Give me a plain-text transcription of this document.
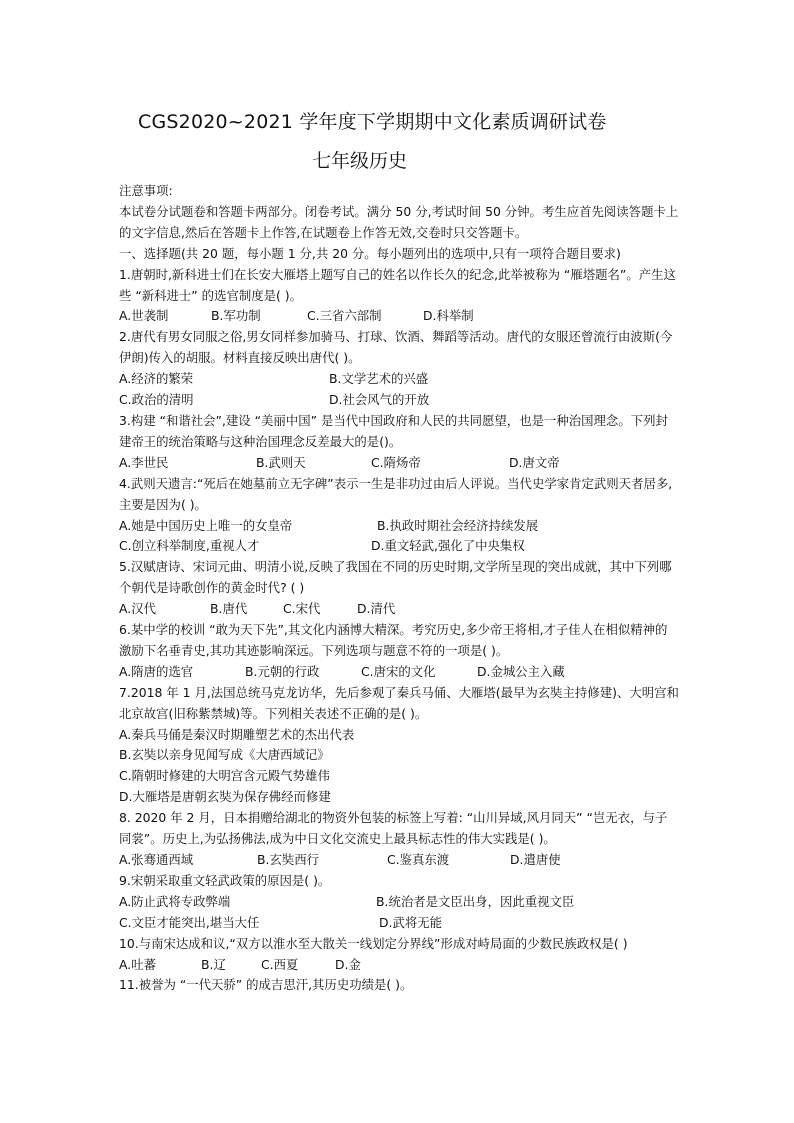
CGS2020~2021 学年度下学期期中文化素质调研试卷
七年级历史
注意事项:
本试卷分试题卷和答题卡两部分。闭卷考试。满分 50 分,考试时间 50 分钟。考生应首先阅读答题卡上的文字信息,然后在答题卡上作答,在试题卷上作答无效,交卷时只交答题卡。
一、选择题(共 20 题，每小题 1 分,共 20 分。每小题列出的选项中,只有一项符合题目要求)
1.唐朝时,新科进士们在长安大雁塔上题写自己的姓名以作长久的纪念,此举被称为 “雁塔题名”。产生这些 “新科进士” 的选官制度是( )。
A.世袭制	B.军功制	C.三省六部制	D.科举制
2.唐代有男女同服之俗,男女同样参加骑马、打球、饮酒、舞蹈等活动。唐代的女服还曾流行由波斯(今伊朗)传入的胡服。材料直接反映出唐代( )。
A.经济的繁荣	B.文学艺术的兴盛
C.政治的清明	D.社会风气的开放
3.构建 “和谐社会”,建设 “美丽中国” 是当代中国政府和人民的共同愿望，也是一种治国理念。下列封建帝王的统治策略与这种治国理念反差最大的是()。
A.李世民	B.武则天	C.隋炀帝	D.唐文帝
4.武则天遗言:“死后在她墓前立无字碑”表示一生是非功过由后人评说。当代史学家肯定武则天者居多,主要是因为( )。
A.她是中国历史上唯一的女皇帝	B.执政时期社会经济持续发展
C.创立科举制度,重视人才	D.重文轻武,强化了中央集权
5.汉赋唐诗、宋词元曲、明清小说,反映了我国在不同的历史时期,文学所呈现的突出成就，其中下列哪个朝代是诗歌创作的黄金时代? ( )
A.汉代	B.唐代	C.宋代	D.清代
6.某中学的校训 “敢为天下先”,其文化内涵博大精深。考究历史,多少帝王将相,才子佳人在相似精神的激励下名垂青史,其功其迹影响深远。下列选项与题意不符的一项是( )。
A.隋唐的选官	B.元朝的行政	C.唐宋的文化	D.金城公主入藏
7.2018 年 1 月,法国总统马克龙访华，先后参观了秦兵马俑、大雁塔(最早为玄奘主持修建)、大明宫和北京故宫(旧称紫禁城)等。下列相关表述不正确的是( )。
A.秦兵马俑是秦汉时期雕塑艺术的杰出代表
B.玄奘以亲身见闻写成《大唐西域记》
C.隋朝时修建的大明宫含元殿气势雄伟
D.大雁塔是唐朝玄奘为保存佛经而修建
8. 2020 年 2 月，日本捐赠给湖北的物资外包装的标签上写着: “山川异域,风月同天” “岂无衣，与子同裳”。历史上,为弘扬佛法,成为中日文化交流史上最具标志性的伟大实践是( )。
A.张骞通西域	B.玄奘西行	C.鉴真东渡	D.遣唐使
9.宋朝采取重文轻武政策的原因是( )。
A.防止武将专政弊端	B.统治者是文臣出身，因此重视文臣
C.文臣才能突出,堪当大任	D.武将无能
10.与南宋达成和议,“双方以淮水至大散关一线划定分界线”形成对峙局面的少数民族政权是( )
A.吐蕃	B.辽	C.西夏	D.金
11.被誉为 “一代天骄” 的成吉思汗,其历史功绩是( )。
